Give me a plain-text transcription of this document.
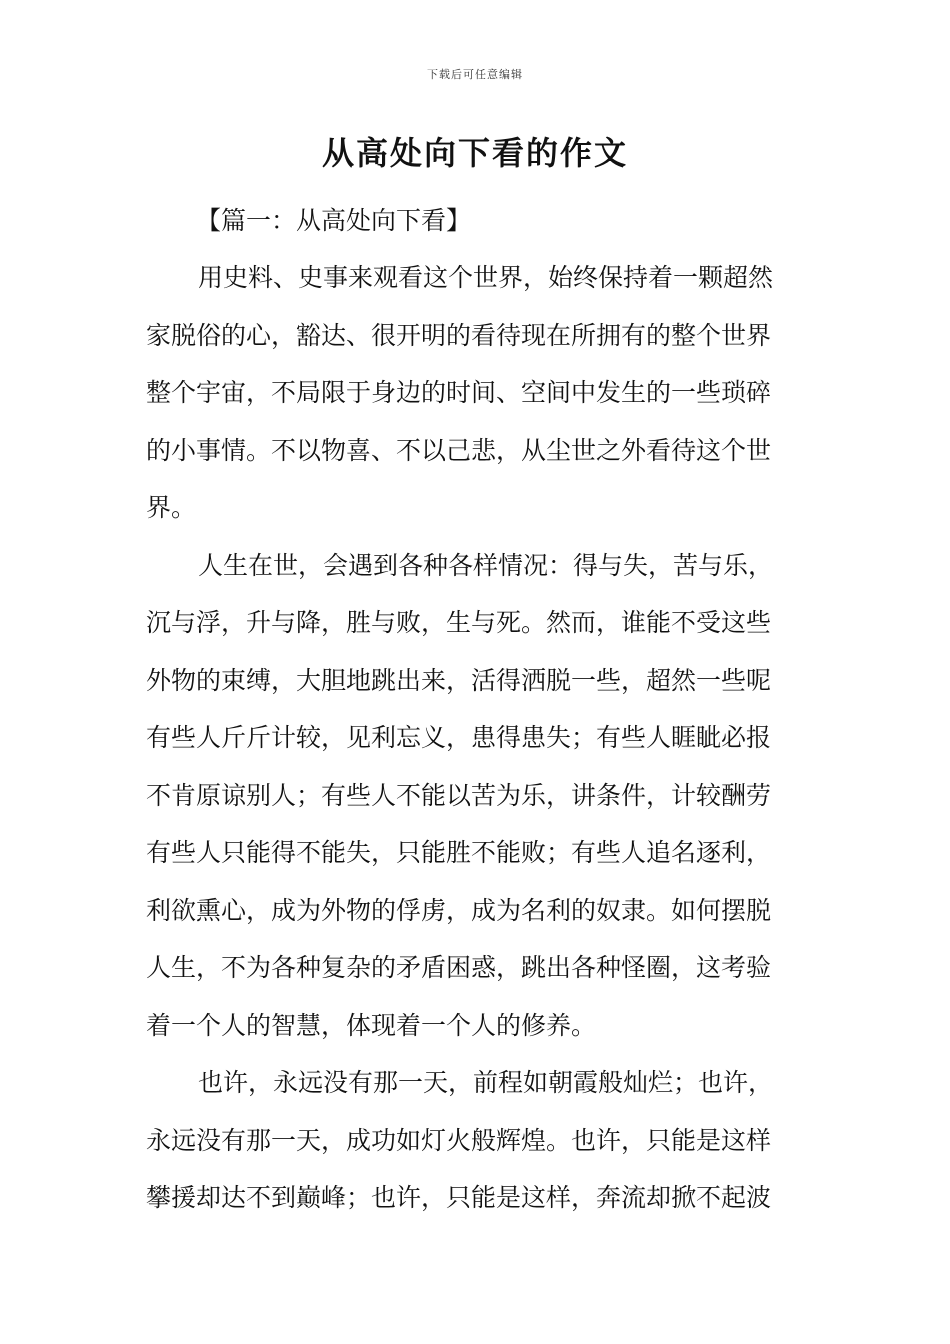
下载后可任意编辑
从高处向下看的作文
【篇一：从高处向下看】
用史料、史事来观看这个世界，始终保持着一颗超然
家脱俗的心，豁达、很开明的看待现在所拥有的整个世界
整个宇宙，不局限于身边的时间、空间中发生的一些琐碎
的小事情。不以物喜、不以己悲，从尘世之外看待这个世
界。
人生在世，会遇到各种各样情况：得与失，苦与乐，
沉与浮，升与降，胜与败，生与死。然而，谁能不受这些
外物的束缚，大胆地跳出来，活得洒脱一些，超然一些呢
有些人斤斤计较，见利忘义，患得患失；有些人睚眦必报
不肯原谅别人；有些人不能以苦为乐，讲条件，计较酬劳
有些人只能得不能失，只能胜不能败；有些人追名逐利，
利欲熏心，成为外物的俘虏，成为名利的奴隶。如何摆脱
人生，不为各种复杂的矛盾困惑，跳出各种怪圈，这考验
着一个人的智慧，体现着一个人的修养。
也许，永远没有那一天，前程如朝霞般灿烂；也许，
永远没有那一天，成功如灯火般辉煌。也许，只能是这样
攀援却达不到巅峰；也许，只能是这样，奔流却掀不起波
